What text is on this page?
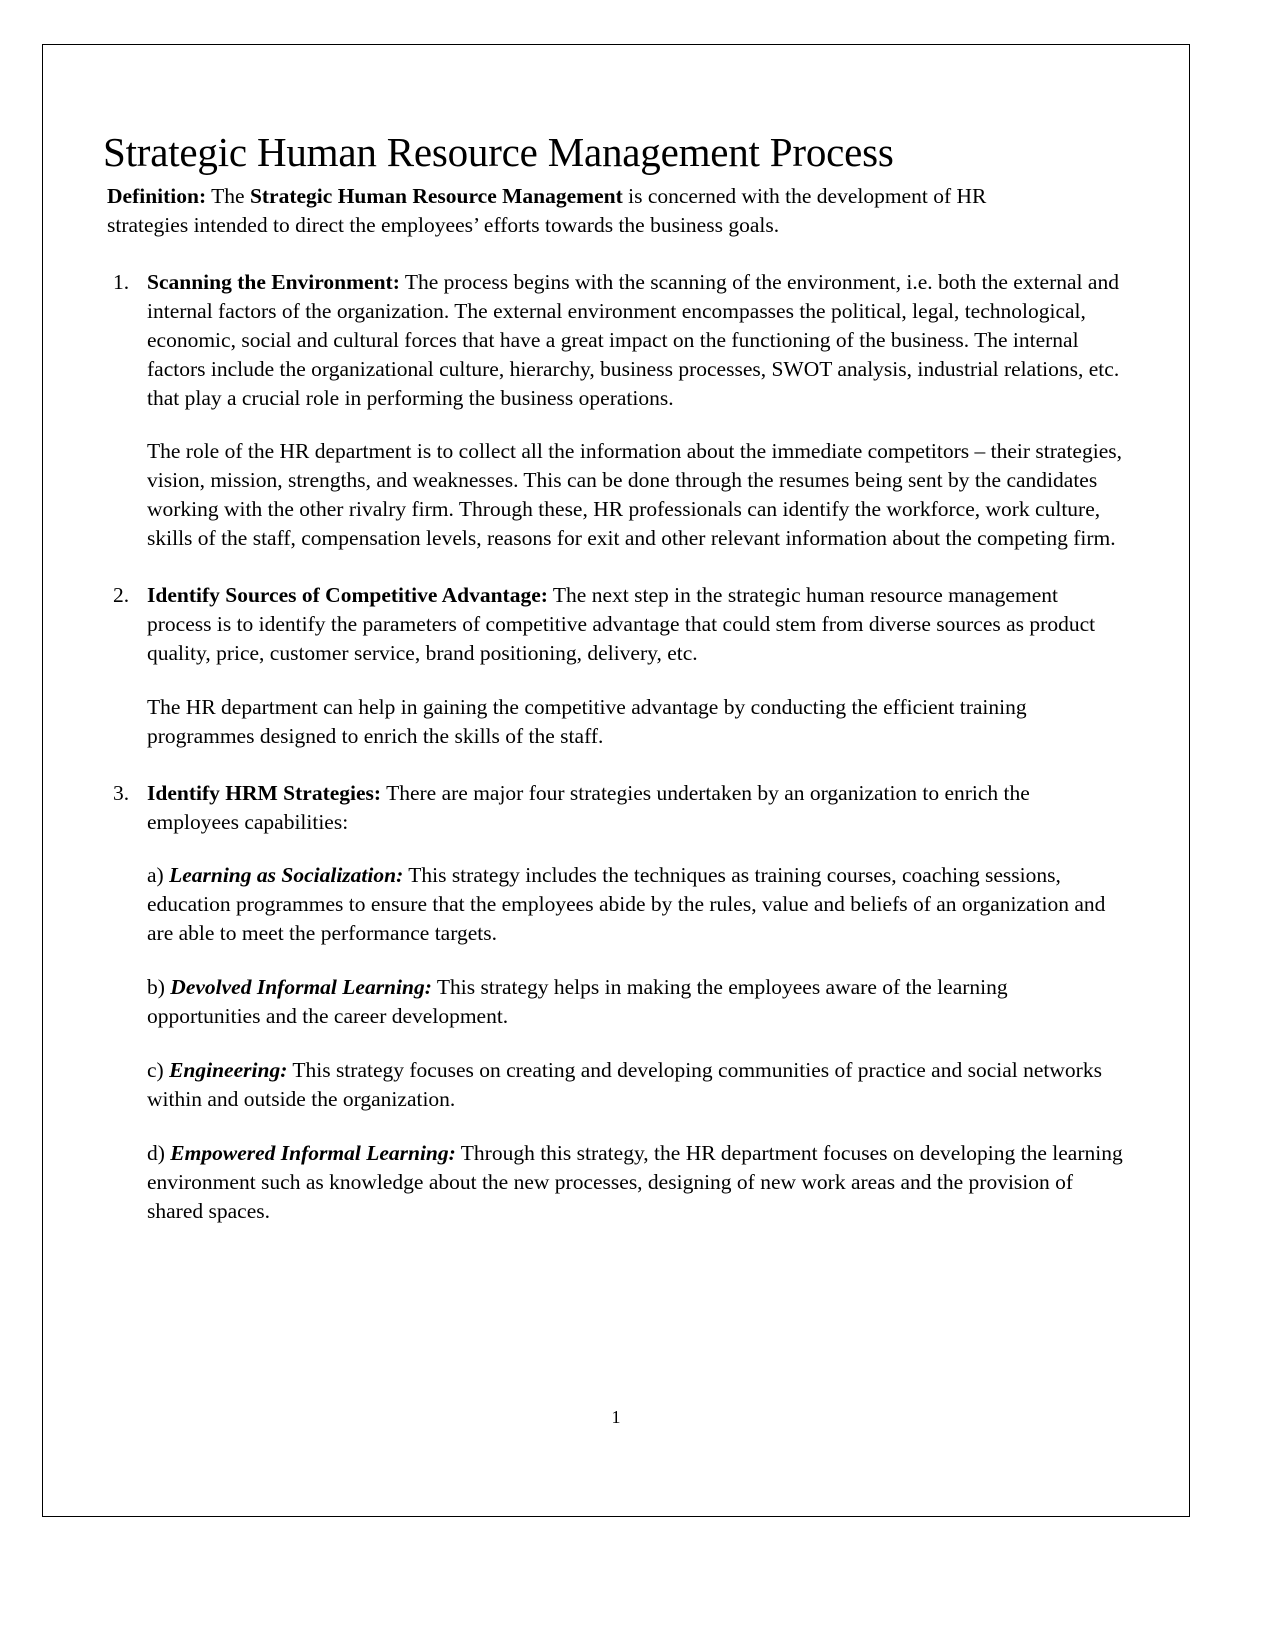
Strategic Human Resource Management Process

Definition: The Strategic Human Resource Management is concerned with the development of HR strategies intended to direct the employees’ efforts towards the business goals.

Scanning the Environment: The process begins with the scanning of the environment, i.e. both the external and internal factors of the organization. The external environment encompasses the political, legal, technological, economic, social and cultural forces that have a great impact on the functioning of the business. The internal factors include the organizational culture, hierarchy, business processes, SWOT analysis, industrial relations, etc. that play a crucial role in performing the business operations.

The role of the HR department is to collect all the information about the immediate competitors – their strategies, vision, mission, strengths, and weaknesses. This can be done through the resumes being sent by the candidates working with the other rivalry firm. Through these, HR professionals can identify the workforce, work culture, skills of the staff, compensation levels, reasons for exit and other relevant information about the competing firm.

Identify Sources of Competitive Advantage: The next step in the strategic human resource management process is to identify the parameters of competitive advantage that could stem from diverse sources as product quality, price, customer service, brand positioning, delivery, etc.

The HR department can help in gaining the competitive advantage by conducting the efficient training programmes designed to enrich the skills of the staff.

Identify HRM Strategies: There are major four strategies undertaken by an organization to enrich the employees capabilities:

a) Learning as Socialization: This strategy includes the techniques as training courses, coaching sessions, education programmes to ensure that the employees abide by the rules, value and beliefs of an organization and are able to meet the performance targets.

b) Devolved Informal Learning: This strategy helps in making the employees aware of the learning opportunities and the career development.

c) Engineering: This strategy focuses on creating and developing communities of practice and social networks within and outside the organization.

d) Empowered Informal Learning: Through this strategy, the HR department focuses on developing the learning environment such as knowledge about the new processes, designing of new work areas and the provision of shared spaces.

1
